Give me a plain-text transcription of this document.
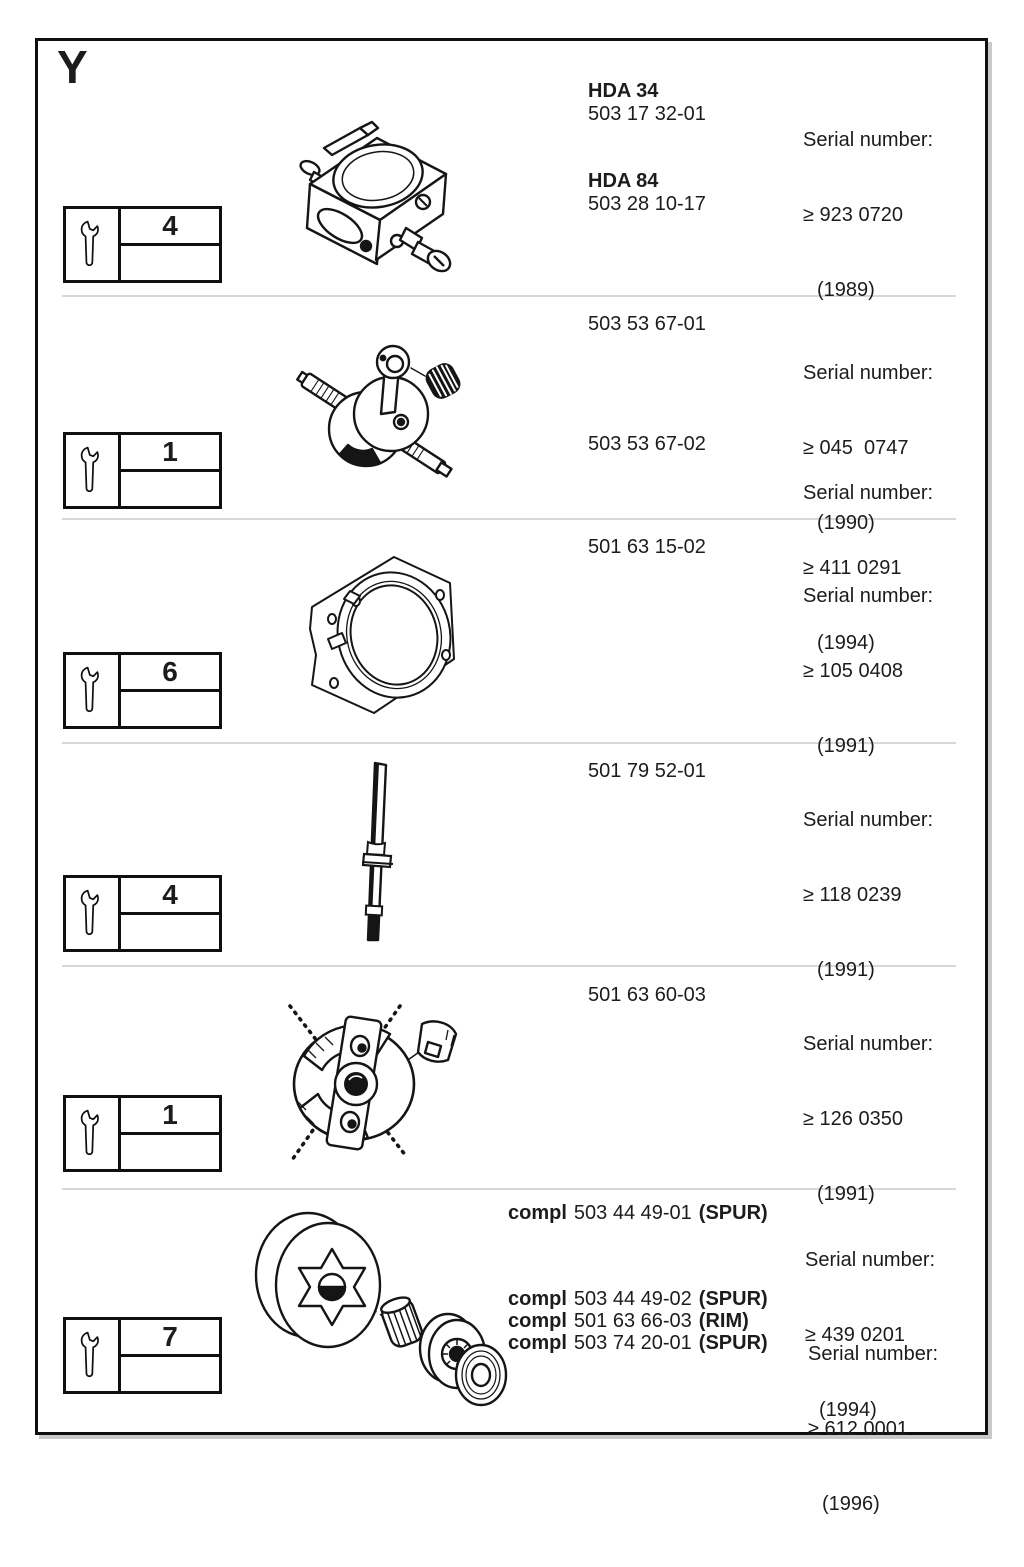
Y
4
HDA 34
503 17 32-01
HDA 84
503 28 10-17

Serial number:

≥ 923 0720

(1989)

1
503 53 67-01

Serial number:

≥ 045  0747

(1990)

503 53 67-02

Serial number:

≥ 411 0291

(1994)

6
501 63 15-02

Serial number:

≥ 105 0408

(1991)

4
501 79 52-01

Serial number:

≥ 118 0239

(1991)

1
501 63 60-03

Serial number:

≥ 126 0350

(1991)

7
compl 503 44 49-01 (SPUR)

Serial number:

≥ 439 0201

(1994)

compl 503 44 49-02 (SPUR)
compl 501 63 66-03 (RIM)
compl 503 74 20-01 (SPUR)

Serial number:

≥ 612 0001

(1996)
